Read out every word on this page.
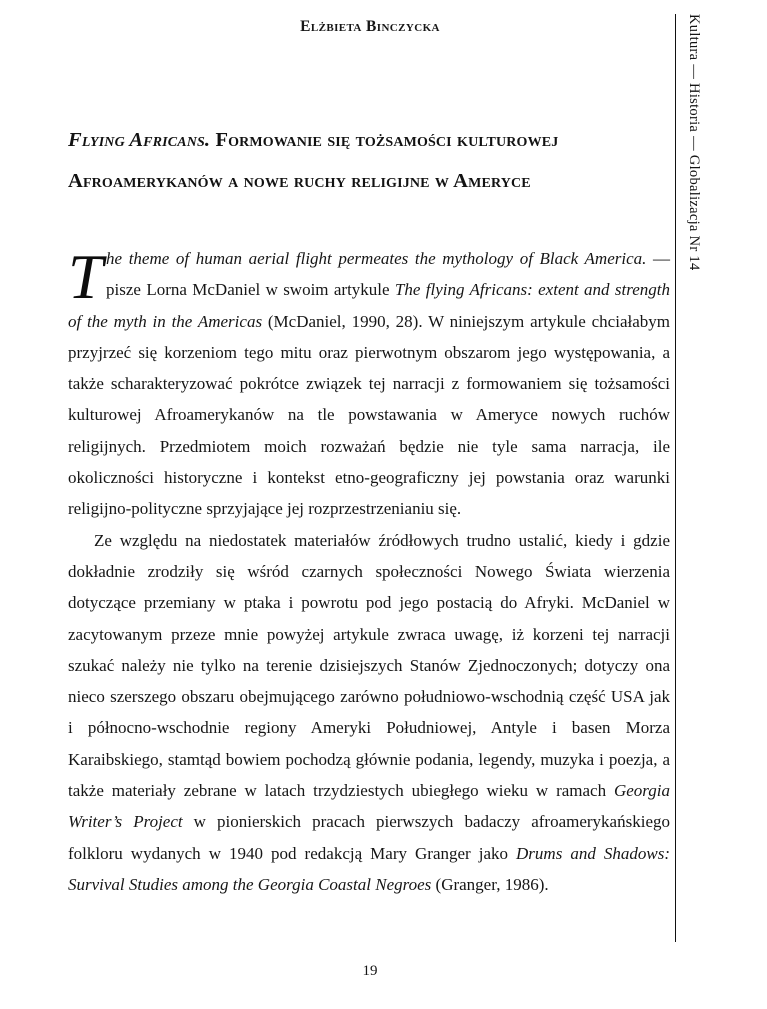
Elżbieta Binczycka	Kultura — Historia — Globalizacja Nr 14
Flying Africans. Formowanie się tożsamości kulturowej
Afroamerykanów a nowe ruchy religijne w Ameryce

The theme of human aerial flight permeates the mythology of Black America. — pisze Lorna McDaniel w swoim artykule The flying Africans: extent and strength of the myth in the Americas (McDaniel, 1990, 28). W niniejszym artykule chciałabym przyjrzeć się korzeniom tego mitu oraz pierwotnym obszarom jego występowania, a także scharakteryzować pokrótce związek tej narracji z formowaniem się tożsamości kulturowej Afroamerykanów na tle powstawania w Ameryce nowych ruchów religijnych. Przedmiotem moich rozważań będzie nie tyle sama narracja, ile okoliczności historyczne i kontekst etno-geograficzny jej powstania oraz warunki religijno-polityczne sprzyjające jej rozprzestrzenianiu się.

Ze względu na niedostatek materiałów źródłowych trudno ustalić, kiedy i gdzie dokładnie zrodziły się wśród czarnych społeczności Nowego Świata wierzenia dotyczące przemiany w ptaka i powrotu pod jego postacią do Afryki. McDaniel w zacytowanym przeze mnie powyżej artykule zwraca uwagę, iż korzeni tej narracji szukać należy nie tylko na terenie dzisiejszych Stanów Zjednoczonych; dotyczy ona nieco szerszego obszaru obejmującego zarówno południowo-wschodnią część USA jak i północno-wschodnie regiony Ameryki Południowej, Antyle i basen Morza Karaibskiego, stamtąd bowiem pochodzą głównie podania, legendy, muzyka i poezja, a także materiały zebrane w latach trzydziestych ubiegłego wieku w ramach Georgia Writer’s Project w pionierskich pracach pierwszych badaczy afroamerykańskiego folkloru wydanych w 1940 pod redakcją Mary Granger jako Drums and Shadows: Survival Studies among the Georgia Coastal Negroes (Granger, 1986).

19
